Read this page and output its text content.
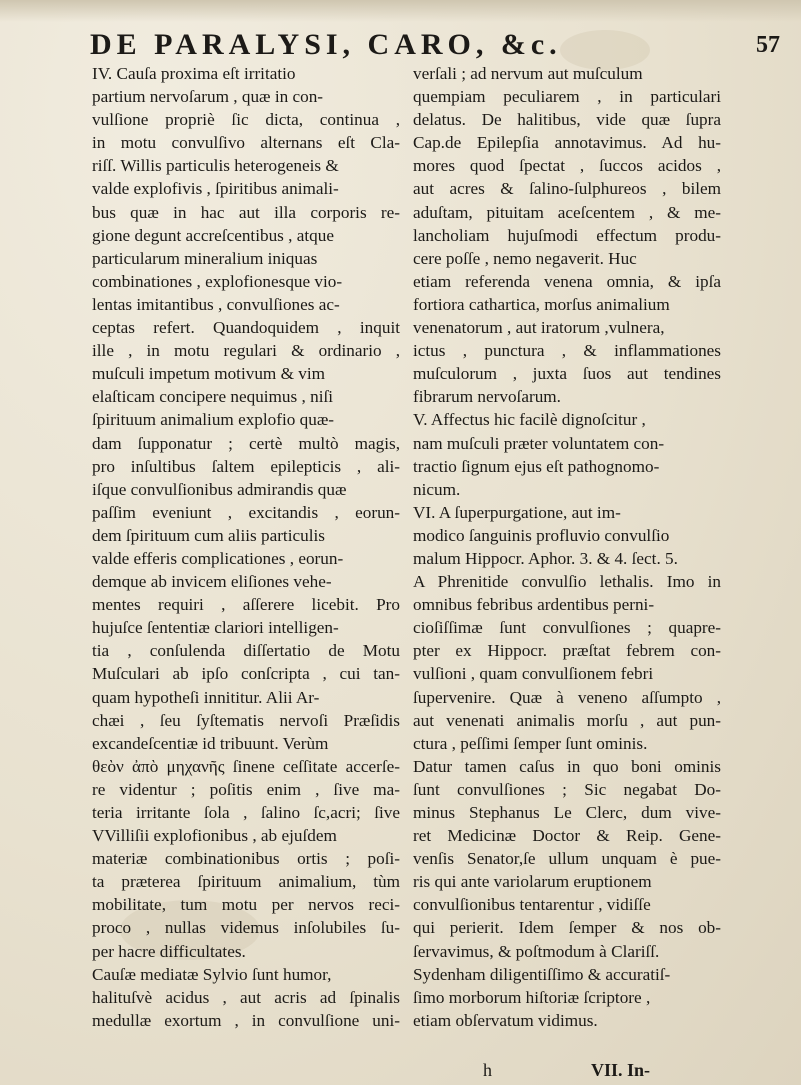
DE PARALYSI, CARO, &c.	57
IV. Cauſa proxima eſt irritatio
partium nervoſarum , quæ in con-
vulſione propriè ſic dicta, continua ,
in motu convulſivo alternans eſt Cla-
riſſ. Willis particulis heterogeneis &
valde explofivis , ſpiritibus animali-
bus quæ in hac aut illa corporis re-
gione degunt accreſcentibus , atque
particularum mineralium iniquas
combinationes , explofionesque vio-
lentas imitantibus , convulſiones ac-
ceptas refert. Quandoquidem , inquit
ille , in motu regulari & ordinario ,
muſculi impetum motivum & vim
elaſticam concipere nequimus , niſi
ſpirituum animalium explofio quæ-
dam ſupponatur ; certè multò magis,
pro inſultibus ſaltem epilepticis , ali-
iſque convulſionibus admirandis quæ
paſſim eveniunt , excitandis , eorun-
dem ſpirituum cum aliis particulis
valde efferis complicationes , eorun-
demque ab invicem eliſiones vehe-
mentes requiri , aſſerere licebit. Pro
hujuſce ſententiæ clariori intelligen-
tia , conſulenda diſſertatio de Motu
Muſculari ab ipſo conſcripta , cui tan-
quam hypotheſi innititur. Alii Ar-
chæi , ſeu ſyſtematis nervoſi Præſidis
excandeſcentiæ id tribuunt. Verùm
θεὸν ἀπὸ μηχανῆς ſinene ceſſitate accerſe-
re videntur ; poſitis enim , ſive ma-
teria irritante ſola , ſalino ſc,acri; ſive
VVilliſii explofionibus , ab ejuſdem
materiæ combinationibus ortis ; poſi-
ta præterea ſpirituum animalium, tùm
mobilitate, tum motu per nervos reci-
proco , nullas videmus inſolubiles ſu-
per hacre difficultates.
Cauſæ mediatæ Sylvio ſunt humor,
halituſvè acidus , aut acris ad ſpinalis
medullæ exortum , in convulſione uni-
verſali ; ad nervum aut muſculum
quempiam peculiarem , in particulari
delatus. De halitibus, vide quæ ſupra
Cap.de Epilepſia annotavimus. Ad hu-
mores quod ſpectat , ſuccos acidos ,
aut acres & ſalino-ſulphureos , bilem
aduſtam, pituitam aceſcentem , & me-
lancholiam hujuſmodi effectum produ-
cere poſſe , nemo negaverit. Huc
etiam referenda venena omnia, & ipſa
fortiora cathartica, morſus animalium
venenatorum , aut iratorum ,vulnera,
ictus , punctura , & inflammationes
muſculorum , juxta ſuos aut tendines
fibrarum nervoſarum.
V. Affectus hic facilè dignoſcitur ,
nam muſculi præter voluntatem con-
tractio ſignum ejus eſt pathognomo-
nicum.
VI. A ſuperpurgatione, aut im-
modico ſanguinis profluvio convulſio
malum Hippocr. Aphor. 3. & 4. ſect. 5.
A Phrenitide convulſio lethalis. Imo in
omnibus febribus ardentibus perni-
cioſiſſimæ ſunt convulſiones ; quapre-
pter ex Hippocr. præſtat febrem con-
vulſioni , quam convulſionem febri
ſupervenire. Quæ à veneno aſſumpto ,
aut venenati animalis morſu , aut pun-
ctura , peſſimi ſemper ſunt ominis.
Datur tamen caſus in quo boni ominis
ſunt convulſiones ; Sic negabat Do-
minus Stephanus Le Clerc, dum vive-
ret Medicinæ Doctor & Reip. Gene-
venſis Senator,ſe ullum unquam è pue-
ris qui ante variolarum eruptionem
convulſionibus tentarentur , vidiſſe
qui perierit. Idem ſemper & nos ob-
ſervavimus, & poſtmodum à Clariſſ.
Sydenham diligentiſſimo & accuratiſ-
ſimo morborum hiſtoriæ ſcriptore ,
etiam obſervatum vidimus.
h	VII. In-
